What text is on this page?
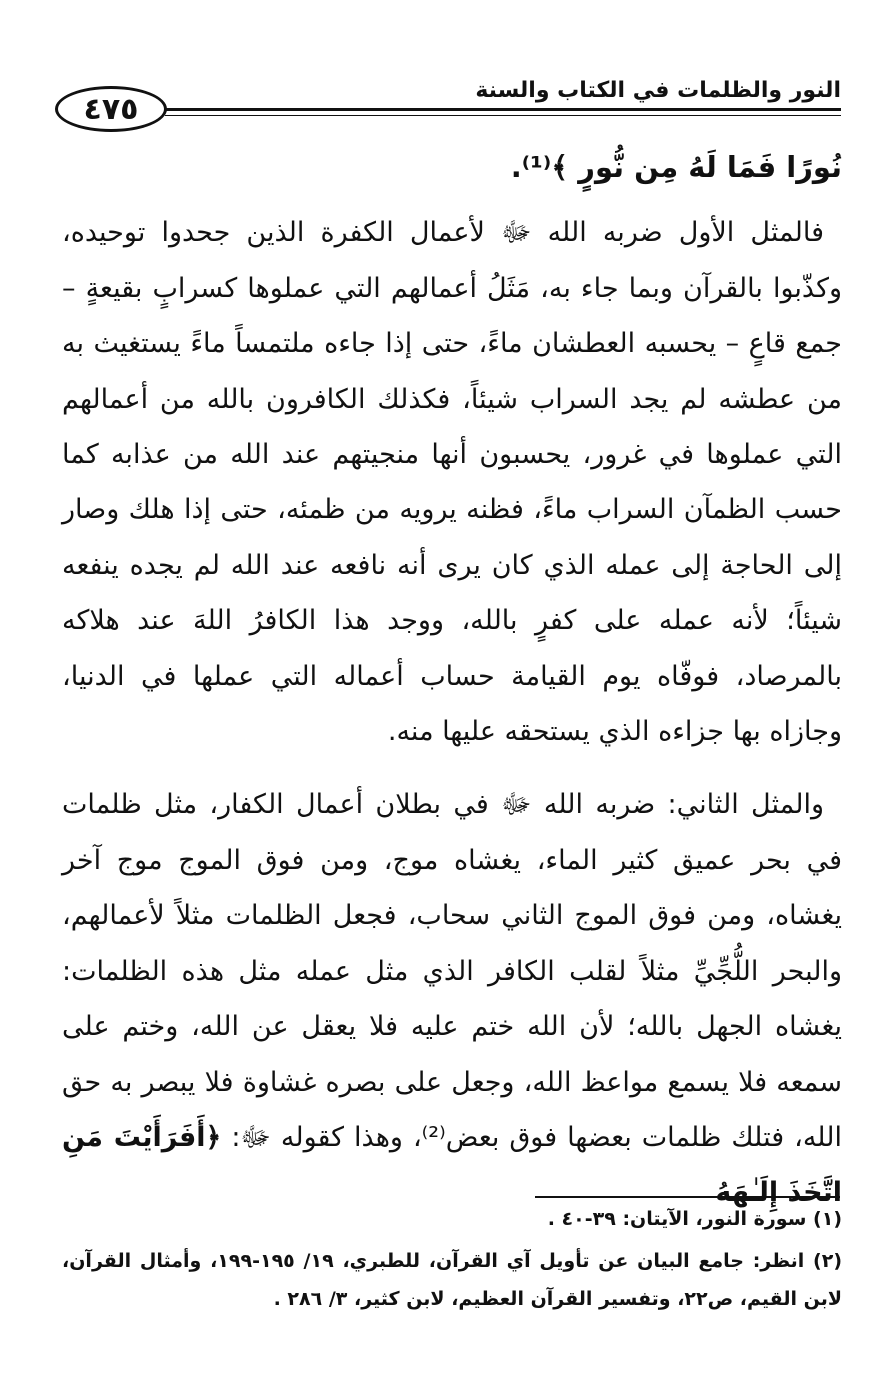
٤٧٥
النور والظلمات في الكتاب والسنة

نُورًا فَمَا لَهُ مِن نُّورٍ ﴾⁽¹⁾.

فالمثل الأول ضربه الله ﷻ لأعمال الكفرة الذين جحدوا توحيده، وكذّبوا بالقرآن وبما جاء به، مَثَلُ أعمالهم التي عملوها كسرابٍ بقيعةٍ – جمع قاعٍ – يحسبه العطشان ماءً، حتى إذا جاءه ملتمساً ماءً يستغيث به من عطشه لم يجد السراب شيئاً، فكذلك الكافرون بالله من أعمالهم التي عملوها في غرور، يحسبون أنها منجيتهم عند الله من عذابه كما حسب الظمآن السراب ماءً، فظنه يرويه من ظمئه، حتى إذا هلك وصار إلى الحاجة إلى عمله الذي كان يرى أنه نافعه عند الله لم يجده ينفعه شيئاً؛ لأنه عمله على كفرٍ بالله، ووجد هذا الكافرُ اللهَ عند هلاكه بالمرصاد، فوفّاه يوم القيامة حساب أعماله التي عملها في الدنيا، وجازاه بها جزاءه الذي يستحقه عليها منه.

والمثل الثاني: ضربه الله ﷻ في بطلان أعمال الكفار، مثل ظلمات في بحر عميق كثير الماء، يغشاه موج، ومن فوق الموج موج آخر يغشاه، ومن فوق الموج الثاني سحاب، فجعل الظلمات مثلاً لأعمالهم، والبحر اللُّجِّيِّ مثلاً لقلب الكافر الذي مثل عمله مثل هذه الظلمات: يغشاه الجهل بالله؛ لأن الله ختم عليه فلا يعقل عن الله، وختم على سمعه فلا يسمع مواعظ الله، وجعل على بصره غشاوة فلا يبصر به حق الله، فتلك ظلمات بعضها فوق بعض⁽²⁾، وهذا كقوله ﷻ: ﴿أَفَرَأَيْتَ مَنِ اتَّخَذَ إِلَـٰهَهُ

(١) سورة النور، الآيتان: ٣٩-٤٠ .

(٢) انظر: جامع البيان عن تأويل آي القرآن، للطبري، ١٩/ ١٩٥-١٩٩، وأمثال القرآن، لابن القيم، ص٢٢، وتفسير القرآن العظيم، لابن كثير، ٣/ ٢٨٦ .
